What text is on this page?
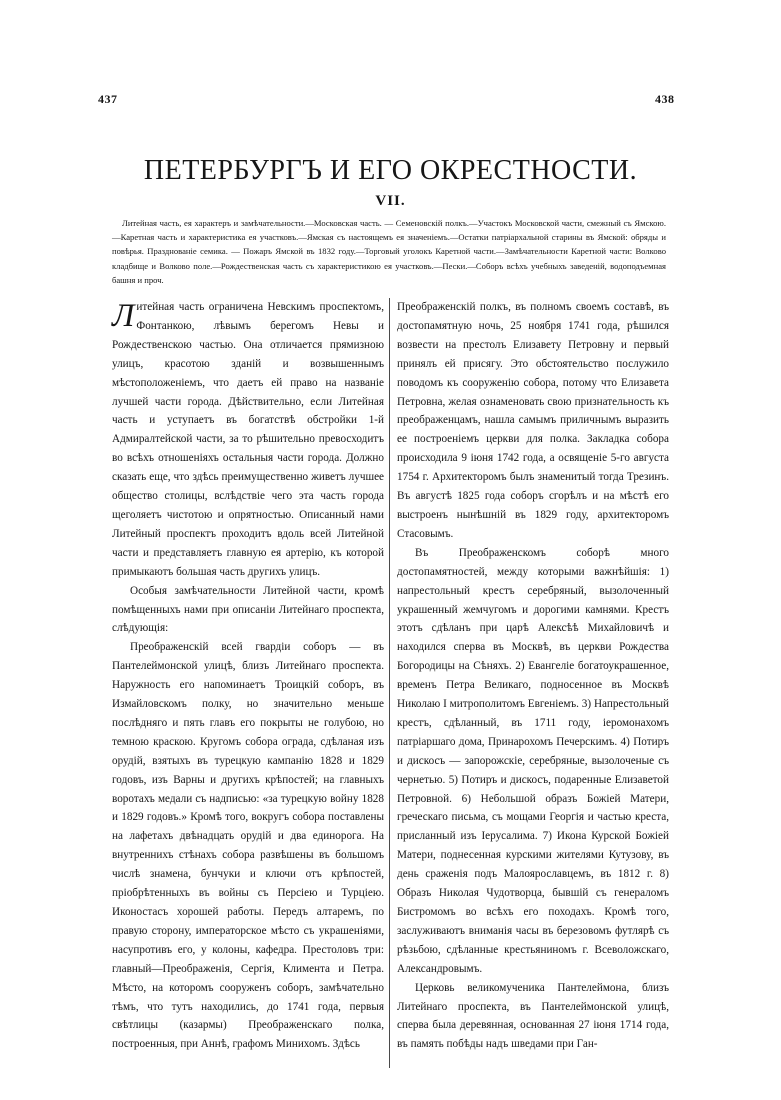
437	438
ПЕТЕРБУРГЪ И ЕГО ОКРЕСТНОСТИ.
VII.

Литейная часть, ея характеръ и замѣчательности.—Московская часть. — Семеновскій полкъ.—Участокъ Московской части, смежный съ Ямскою.—Каретная часть и характеристика ея участковъ.—Ямская съ настоящемъ ея значеніемъ.—Остатки патріархальной старины въ Ямской: обряды и повѣрья. Празднованіе семика. — Пожаръ Ямской въ 1832 году.—Торговый уголокъ Каретной части.—Замѣчательности Каретной части: Волково кладбище и Волково поле.—Рождественская часть съ характеристикою ея участковъ.—Пески.—Соборъ всѣхъ учебныхъ заведеній, водоподъемная башня и проч.

Литейная часть ограничена Невскимъ проспектомъ, Фонтанкою, лѣвымъ берегомъ Невы и Рождественскою частью. Она отличается прямизною улицъ, красотою зданій и возвышеннымъ мѣстоположеніемъ, что даетъ ей право на названіе лучшей части города. Дѣйствительно, если Литейная часть и уступаетъ въ богатствѣ обстройки 1-й Адмиралтейской части, за то рѣшительно превосходитъ во всѣхъ отношеніяхъ остальныя части города. Должно сказать еще, что здѣсь преимущественно живетъ лучшее общество столицы, вслѣдствіе чего эта часть города щеголяетъ чистотою и опрятностью. Описанный нами Литейный проспектъ проходитъ вдоль всей Литейной части и представляетъ главную ея артерію, къ которой примыкаютъ большая часть другихъ улицъ.

Особыя замѣчательности Литейной части, кромѣ помѣщенныхъ нами при описаніи Литейнаго проспекта, слѣдующія:

Преображенскій всей гвардіи соборъ — въ Пантелеймонской улицѣ, близъ Литейнаго проспекта. Наружность его напоминаетъ Троицкій соборъ, въ Измайловскомъ полку, но значительно меньше послѣдняго и пять главъ его покрыты не голубою, но темною краскою. Кругомъ собора ограда, сдѣланая изъ орудій, взятыхъ въ турецкую кампанію 1828 и 1829 годовъ, изъ Варны и другихъ крѣпостей; на главныхъ воротахъ медали съ надписью: «за турецкую войну 1828 и 1829 годовъ.» Кромѣ того, вокругъ собора поставлены на лафетахъ двѣнадцать орудій и два единорога. На внутреннихъ стѣнахъ собора развѣшены въ большомъ числѣ знамена, бунчуки и ключи отъ крѣпостей, пріобрѣтенныхъ въ войны съ Персіею и Турціею. Иконостасъ хорошей работы. Передъ алтаремъ, по правую сторону, императорское мѣсто съ украшеніями, насупротивъ его, у колоны, кафедра. Престоловъ три: главный—Преображенія, Сергія, Климента и Петра. Мѣсто, на которомъ сооруженъ соборъ, замѣчательно тѣмъ, что тутъ находились, до 1741 года, первыя свѣтлицы (казармы) Преображенскаго полка, построенныя, при Аннѣ, графомъ Минихомъ. Здѣсь

Преображенскій полкъ, въ полномъ своемъ составѣ, въ достопамятную ночь, 25 ноября 1741 года, рѣшился возвести на престолъ Елизавету Петровну и первый принялъ ей присягу. Это обстоятельство послужило поводомъ къ сооруженію собора, потому что Елизавета Петровна, желая ознаменовать свою признательность къ преображенцамъ, нашла самымъ приличнымъ выразить ее построеніемъ церкви для полка. Закладка собора происходила 9 іюня 1742 года, а освященіе 5-го августа 1754 г. Архитекторомъ былъ знаменитый тогда Трезинъ. Въ августѣ 1825 года соборъ сгорѣлъ и на мѣстѣ его выстроенъ нынѣшній въ 1829 году, архитекторомъ Стасовымъ.

Въ Преображенскомъ соборѣ много достопамятностей, между которыми важнѣйшія: 1) напрестольный крестъ серебряный, вызолоченный украшенный жемчугомъ и дорогими камнями. Крестъ этотъ сдѣланъ при царѣ Алексѣѣ Михайловичѣ и находился сперва въ Москвѣ, въ церкви Рождества Богородицы на Сѣняхъ. 2) Евангеліе богатоукрашенное, временъ Петра Великаго, подносенное въ Москвѣ Николаю I митрополитомъ Евгеніемъ. 3) Напрестольный крестъ, сдѣланный, въ 1711 году, іеромонахомъ патріаршаго дома, Принарохомъ Печерскимъ. 4) Потиръ и дискосъ — запорожскіе, серебряные, вызолоченые съ чернетью. 5) Потиръ и дискосъ, подаренные Елизаветой Петровной. 6) Небольшой образъ Божіей Матери, греческаго письма, съ мощами Георгія и частью креста, присланный изъ Іерусалима. 7) Икона Курской Божіей Матери, поднесенная курскими жителями Кутузову, въ день сраженія подъ Малоярославцемъ, въ 1812 г. 8) Образъ Николая Чудотворца, бывшій съ генераломъ Бистромомъ во всѣхъ его походахъ. Кромѣ того, заслуживаютъ вниманія часы въ березовомъ футлярѣ съ рѣзьбою, сдѣланные крестьяниномъ г. Всеволожскаго, Александровымъ.

Церковь великомученика Пантелеймона, близъ Литейнаго проспекта, въ Пантелеймонской улицѣ, сперва была деревянная, основанная 27 іюня 1714 года, въ память побѣды надъ шведами при Ган-
